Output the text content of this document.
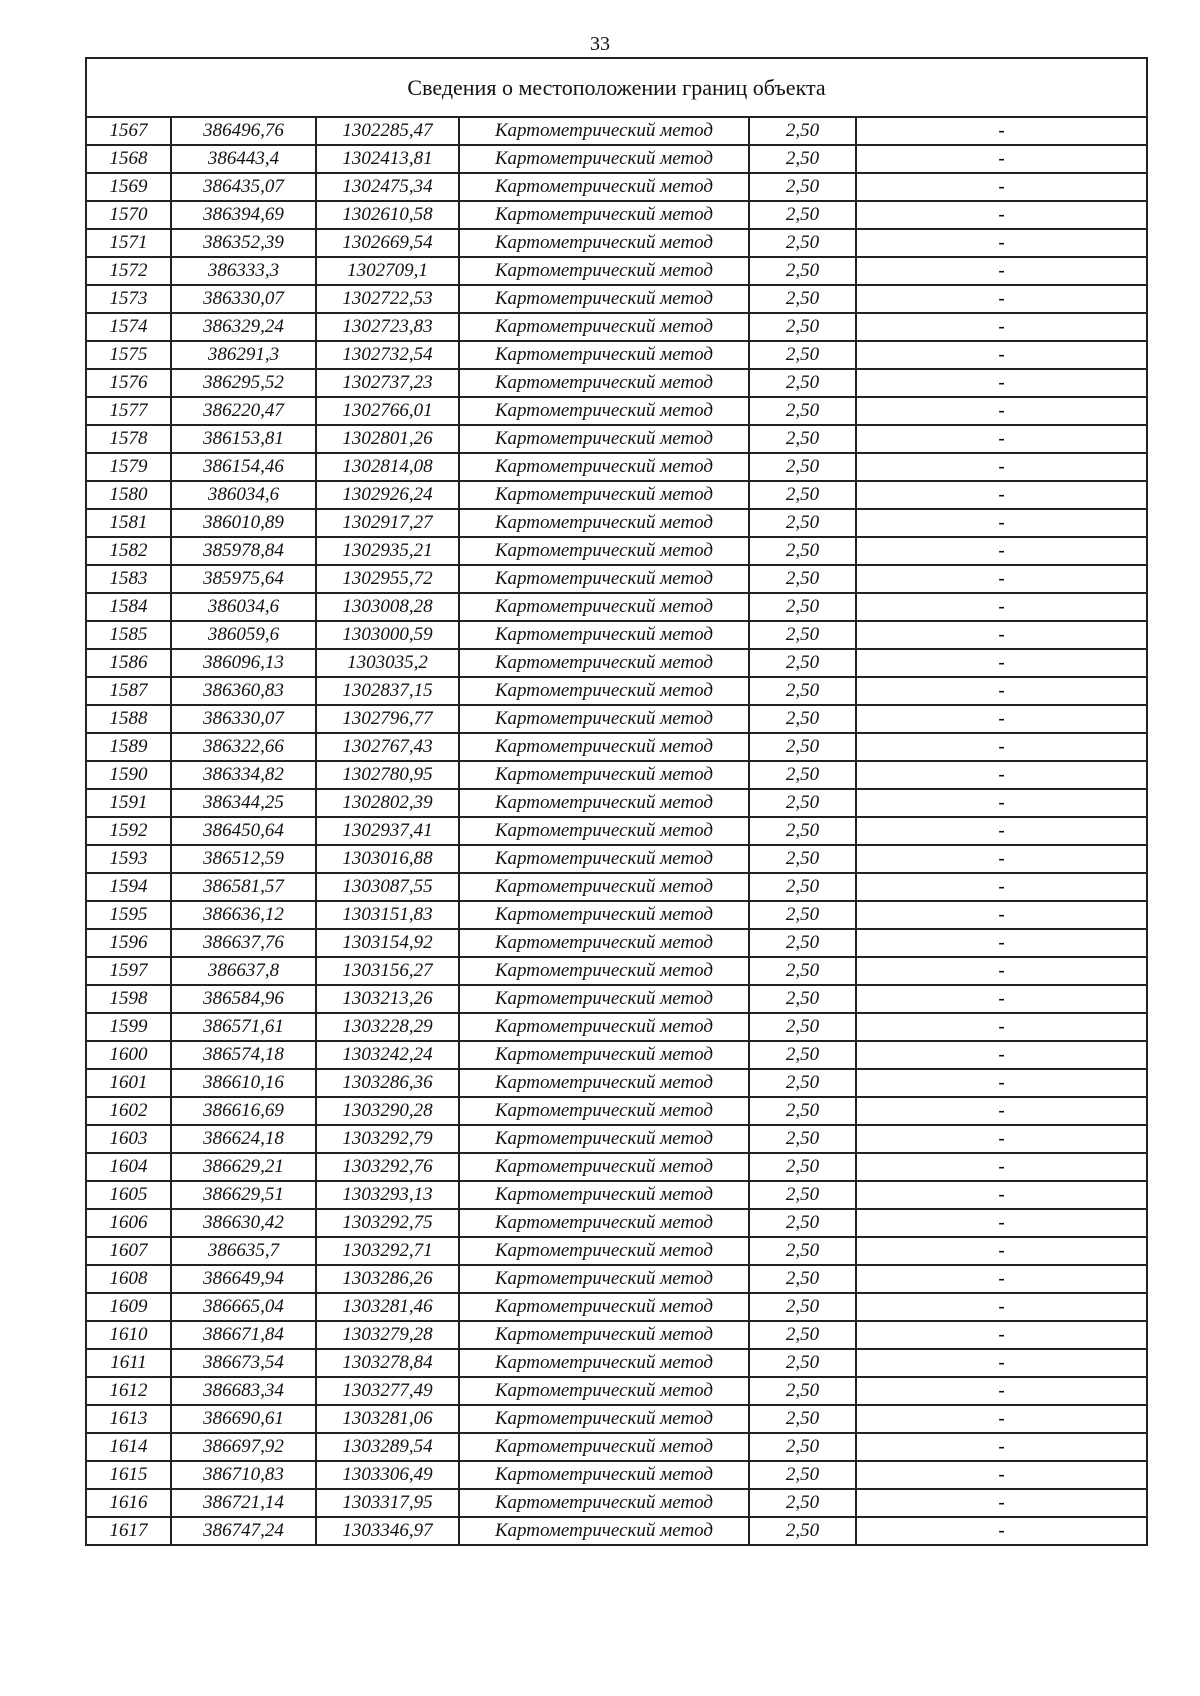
33
Сведения о местоположении границ объекта					
1567	386496,76	1302285,47	Картометрический метод	2,50	-
1568	386443,4	1302413,81	Картометрический метод	2,50	-
1569	386435,07	1302475,34	Картометрический метод	2,50	-
1570	386394,69	1302610,58	Картометрический метод	2,50	-
1571	386352,39	1302669,54	Картометрический метод	2,50	-
1572	386333,3	1302709,1	Картометрический метод	2,50	-
1573	386330,07	1302722,53	Картометрический метод	2,50	-
1574	386329,24	1302723,83	Картометрический метод	2,50	-
1575	386291,3	1302732,54	Картометрический метод	2,50	-
1576	386295,52	1302737,23	Картометрический метод	2,50	-
1577	386220,47	1302766,01	Картометрический метод	2,50	-
1578	386153,81	1302801,26	Картометрический метод	2,50	-
1579	386154,46	1302814,08	Картометрический метод	2,50	-
1580	386034,6	1302926,24	Картометрический метод	2,50	-
1581	386010,89	1302917,27	Картометрический метод	2,50	-
1582	385978,84	1302935,21	Картометрический метод	2,50	-
1583	385975,64	1302955,72	Картометрический метод	2,50	-
1584	386034,6	1303008,28	Картометрический метод	2,50	-
1585	386059,6	1303000,59	Картометрический метод	2,50	-
1586	386096,13	1303035,2	Картометрический метод	2,50	-
1587	386360,83	1302837,15	Картометрический метод	2,50	-
1588	386330,07	1302796,77	Картометрический метод	2,50	-
1589	386322,66	1302767,43	Картометрический метод	2,50	-
1590	386334,82	1302780,95	Картометрический метод	2,50	-
1591	386344,25	1302802,39	Картометрический метод	2,50	-
1592	386450,64	1302937,41	Картометрический метод	2,50	-
1593	386512,59	1303016,88	Картометрический метод	2,50	-
1594	386581,57	1303087,55	Картометрический метод	2,50	-
1595	386636,12	1303151,83	Картометрический метод	2,50	-
1596	386637,76	1303154,92	Картометрический метод	2,50	-
1597	386637,8	1303156,27	Картометрический метод	2,50	-
1598	386584,96	1303213,26	Картометрический метод	2,50	-
1599	386571,61	1303228,29	Картометрический метод	2,50	-
1600	386574,18	1303242,24	Картометрический метод	2,50	-
1601	386610,16	1303286,36	Картометрический метод	2,50	-
1602	386616,69	1303290,28	Картометрический метод	2,50	-
1603	386624,18	1303292,79	Картометрический метод	2,50	-
1604	386629,21	1303292,76	Картометрический метод	2,50	-
1605	386629,51	1303293,13	Картометрический метод	2,50	-
1606	386630,42	1303292,75	Картометрический метод	2,50	-
1607	386635,7	1303292,71	Картометрический метод	2,50	-
1608	386649,94	1303286,26	Картометрический метод	2,50	-
1609	386665,04	1303281,46	Картометрический метод	2,50	-
1610	386671,84	1303279,28	Картометрический метод	2,50	-
1611	386673,54	1303278,84	Картометрический метод	2,50	-
1612	386683,34	1303277,49	Картометрический метод	2,50	-
1613	386690,61	1303281,06	Картометрический метод	2,50	-
1614	386697,92	1303289,54	Картометрический метод	2,50	-
1615	386710,83	1303306,49	Картометрический метод	2,50	-
1616	386721,14	1303317,95	Картометрический метод	2,50	-
1617	386747,24	1303346,97	Картометрический метод	2,50	-
